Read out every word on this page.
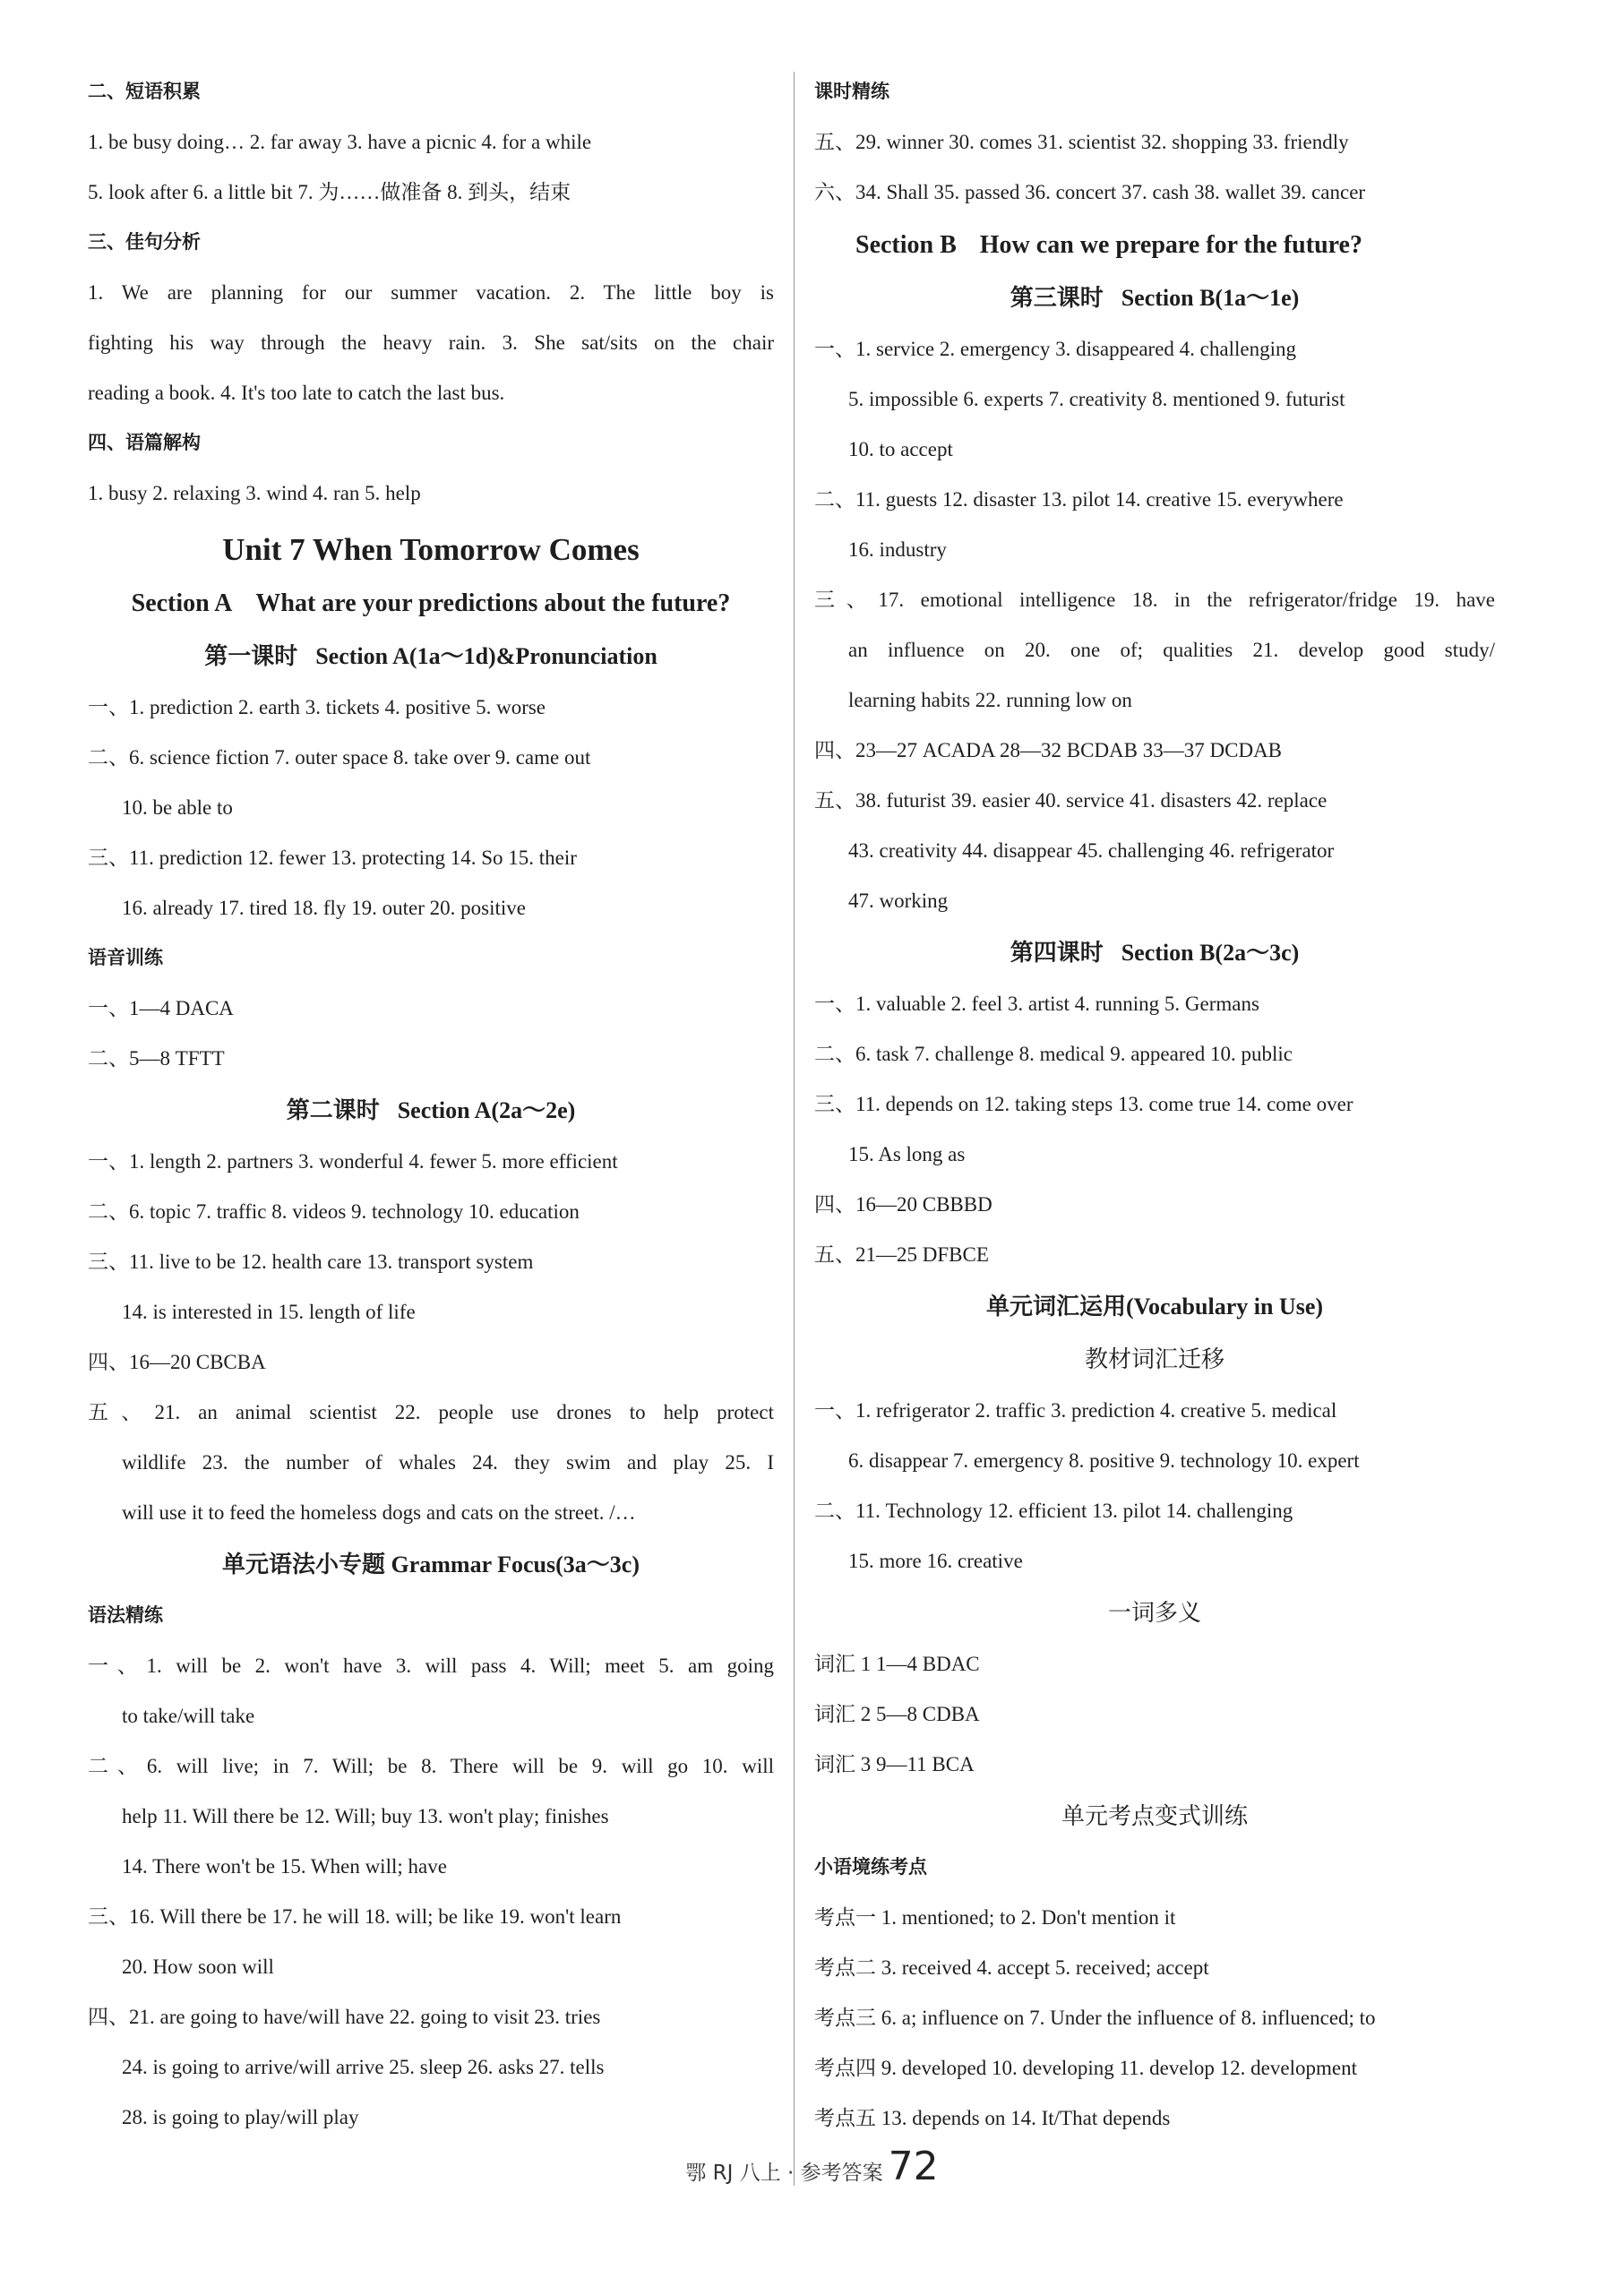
二、短语积累
1. be busy doing… 2. far away 3. have a picnic 4. for a while
5. look after 6. a little bit 7. 为……做准备 8. 到头，结束
三、佳句分析
1. We are planning for our summer vacation. 2. The little boy is
fighting his way through the heavy rain. 3. She sat/sits on the chair
reading a book. 4. It's too late to catch the last bus.
四、语篇解构
1. busy 2. relaxing 3. wind 4. ran 5. help
Unit 7 When Tomorrow Comes
Section A What are your predictions about the future?
第一课时 Section A(1a～1d)&Pronunciation
一、1. prediction 2. earth 3. tickets 4. positive 5. worse
二、6. science fiction 7. outer space 8. take over 9. came out
10. be able to
三、11. prediction 12. fewer 13. protecting 14. So 15. their
16. already 17. tired 18. fly 19. outer 20. positive
语音训练
一、1—4 DACA
二、5—8 TFTT
第二课时 Section A(2a～2e)
一、1. length 2. partners 3. wonderful 4. fewer 5. more efficient
二、6. topic 7. traffic 8. videos 9. technology 10. education
三、11. live to be 12. health care 13. transport system
14. is interested in 15. length of life
四、16—20 CBCBA
五、21. an animal scientist 22. people use drones to help protect
wildlife 23. the number of whales 24. they swim and play 25. I
will use it to feed the homeless dogs and cats on the street. /…
单元语法小专题 Grammar Focus(3a～3c)
语法精练
一、1. will be 2. won't have 3. will pass 4. Will; meet 5. am going
to take/will take
二、6. will live; in 7. Will; be 8. There will be 9. will go 10. will
help 11. Will there be 12. Will; buy 13. won't play; finishes
14. There won't be 15. When will; have
三、16. Will there be 17. he will 18. will; be like 19. won't learn
20. How soon will
四、21. are going to have/will have 22. going to visit 23. tries
24. is going to arrive/will arrive 25. sleep 26. asks 27. tells
28. is going to play/will play
课时精练
五、29. winner 30. comes 31. scientist 32. shopping 33. friendly
六、34. Shall 35. passed 36. concert 37. cash 38. wallet 39. cancer
Section B How can we prepare for the future?
第三课时 Section B(1a～1e)
一、1. service 2. emergency 3. disappeared 4. challenging
5. impossible 6. experts 7. creativity 8. mentioned 9. futurist
10. to accept
二、11. guests 12. disaster 13. pilot 14. creative 15. everywhere
16. industry
三、17. emotional intelligence 18. in the refrigerator/fridge 19. have
an influence on 20. one of; qualities 21. develop good study/
learning habits 22. running low on
四、23—27 ACADA 28—32 BCDAB 33—37 DCDAB
五、38. futurist 39. easier 40. service 41. disasters 42. replace
43. creativity 44. disappear 45. challenging 46. refrigerator
47. working
第四课时 Section B(2a～3c)
一、1. valuable 2. feel 3. artist 4. running 5. Germans
二、6. task 7. challenge 8. medical 9. appeared 10. public
三、11. depends on 12. taking steps 13. come true 14. come over
15. As long as
四、16—20 CBBBD
五、21—25 DFBCE
单元词汇运用(Vocabulary in Use)
教材词汇迁移
一、1. refrigerator 2. traffic 3. prediction 4. creative 5. medical
6. disappear 7. emergency 8. positive 9. technology 10. expert
二、11. Technology 12. efficient 13. pilot 14. challenging
15. more 16. creative
一词多义
词汇 1 1—4 BDAC
词汇 2 5—8 CDBA
词汇 3 9—11 BCA
单元考点变式训练
小语境练考点
考点一 1. mentioned; to 2. Don't mention it
考点二 3. received 4. accept 5. received; accept
考点三 6. a; influence on 7. Under the influence of 8. influenced; to
考点四 9. developed 10. developing 11. develop 12. development
考点五 13. depends on 14. It/That depends
鄂 RJ 八上 · 参考答案 72
